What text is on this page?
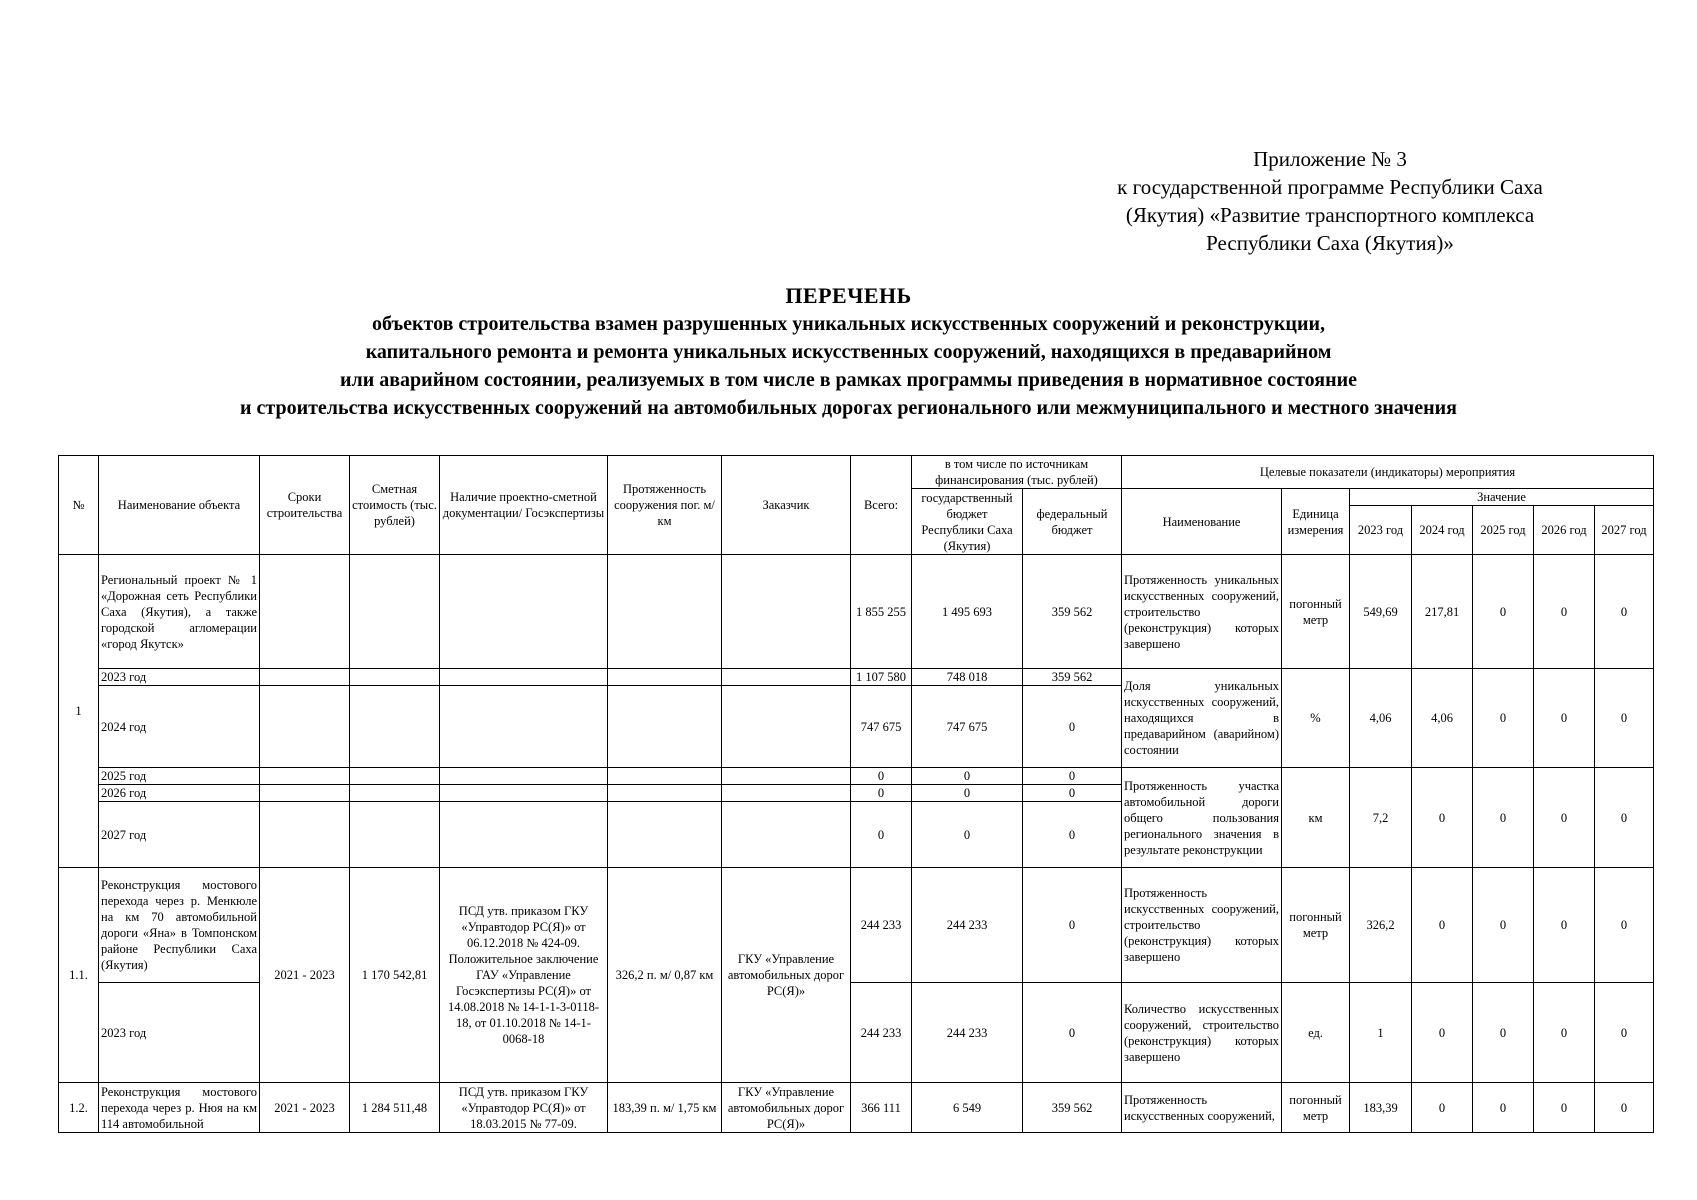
Приложение № 3
к государственной программе Республики Саха
(Якутия) «Развитие транспортного комплекса
Республики Саха (Якутия)»
ПЕРЕЧЕНЬ
объектов строительства взамен разрушенных уникальных искусственных сооружений и реконструкции,
капитального ремонта и ремонта уникальных искусственных сооружений, находящихся в предаварийном
или аварийном состоянии, реализуемых в том числе в рамках программы приведения в нормативное состояние
и строительства искусственных сооружений на автомобильных дорогах регионального или межмуниципального и местного значения
№	Наименование объекта	Сроки строительства	Сметная стоимость (тыс. рублей)	Наличие проектно-сметной документации/ Госэкспертизы	Протяженность сооружения пог. м/км	Заказчик	Всего:	в том числе по источникам финансирования (тыс. рублей)		Целевые показатели (индикаторы) мероприятия						
								государственный бюджет Республики Саха (Якутия)	федеральный бюджет	Наименование	Единица измерения	Значение				
												2023 год	2024 год	2025 год	2026 год	2027 год
1	Региональный проект № 1 «Дорожная сеть Республики Саха (Якутия), а также городской агломерации «город Якутск»						1 855 255	1 495 693	359 562	Протяженность уникальных искусственных сооружений, строительство (реконструкция) которых завершено	погонный метр	549,69	217,81	0	0	0
	2023 год						1 107 580	748 018	359 562	Доля уникальных искусственных сооружений, находящихся в предаварийном (аварийном) состоянии	%	4,06	4,06	0	0	0
	2024 год						747 675	747 675	0							
	2025 год						0	0	0	Протяженность участка автомобильной дороги общего пользования регионального значения в результате реконструкции	км	7,2	0	0	0	0
	2026 год						0	0	0							
	2027 год						0	0	0							
1.1.	Реконструкция мостового перехода через р. Менкюле на км 70 автомобильной дороги «Яна» в Томпонском районе Республики Саха (Якутия)	2021 - 2023	1 170 542,81	ПСД утв. приказом ГКУ «Управтодор РС(Я)» от 06.12.2018 № 424-09. Положительное заключение ГАУ «Управление Госэкспертизы РС(Я)» от 14.08.2018 № 14-1-1-3-0118-18, от 01.10.2018 № 14-1-0068-18	326,2 п. м/ 0,87 км	ГКУ «Управление автомобильных дорог РС(Я)»	244 233	244 233	0	Протяженность искусственных сооружений, строительство (реконструкция) которых завершено	погонный метр	326,2	0	0	0	0
	2023 год						244 233	244 233	0	Количество искусственных сооружений, строительство (реконструкция) которых завершено	ед.	1	0	0	0	0
1.2.	Реконструкция мостового перехода через р. Нюя на км 114 автомобильной	2021 - 2023	1 284 511,48	ПСД утв. приказом ГКУ «Управтодор РС(Я)» от 18.03.2015 № 77-09.	183,39 п. м/ 1,75 км	ГКУ «Управление автомобильных дорог РС(Я)»	366 111	6 549	359 562	Протяженность искусственных сооружений,	погонный метр	183,39	0	0	0	0
